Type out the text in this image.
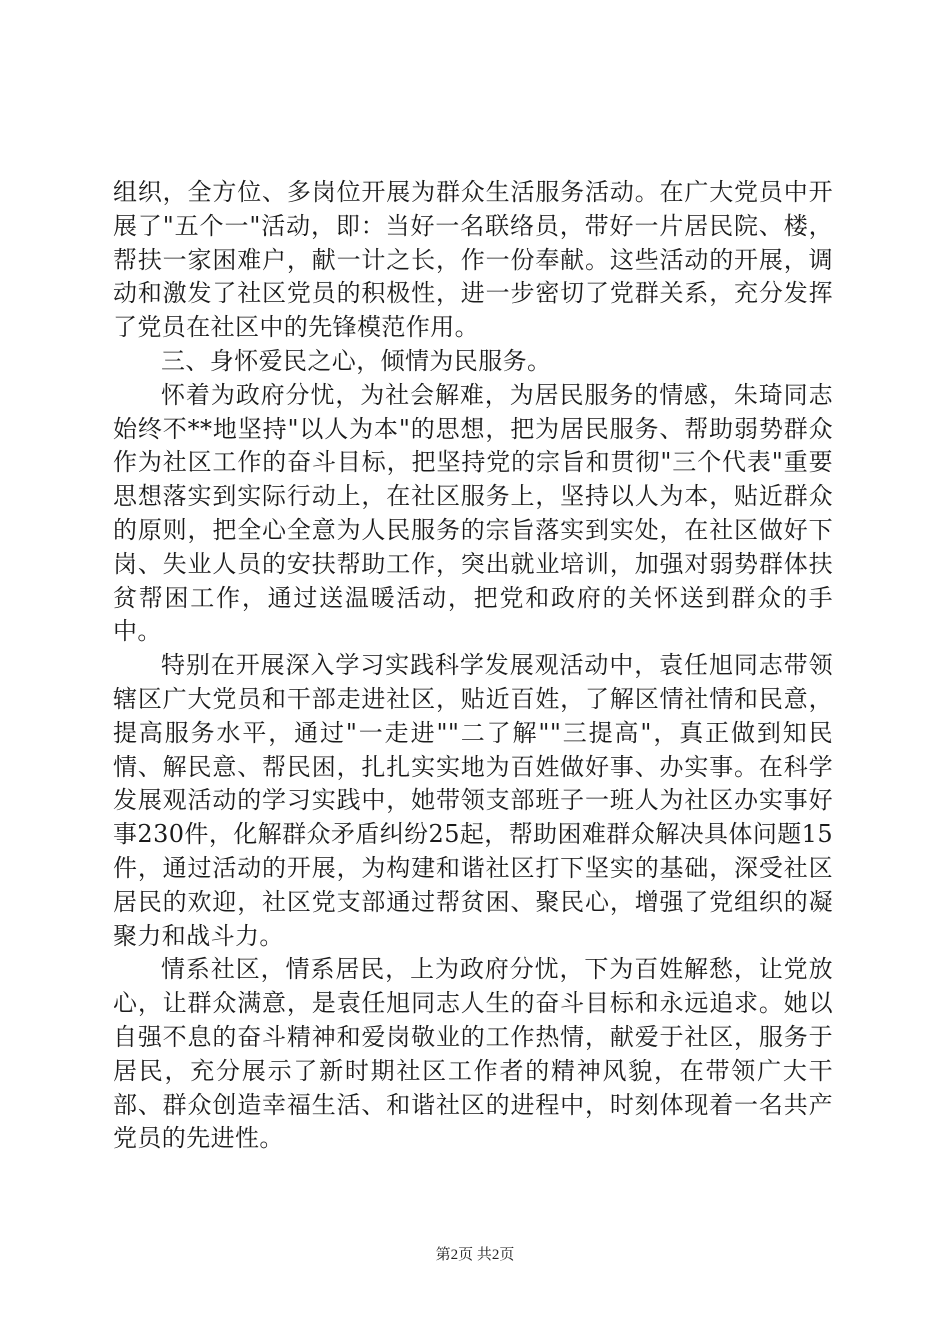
组织，全方位、多岗位开展为群众生活服务活动。在广大党员中开展了"五个一"活动，即：当好一名联络员，带好一片居民院、楼，帮扶一家困难户，献一计之长，作一份奉献。这些活动的开展，调动和激发了社区党员的积极性，进一步密切了党群关系，充分发挥了党员在社区中的先锋模范作用。

三、身怀爱民之心，倾情为民服务。

怀着为政府分忧，为社会解难，为居民服务的情感，朱琦同志始终不**地坚持"以人为本"的思想，把为居民服务、帮助弱势群众作为社区工作的奋斗目标，把坚持党的宗旨和贯彻"三个代表"重要思想落实到实际行动上，在社区服务上，坚持以人为本，贴近群众的原则，把全心全意为人民服务的宗旨落实到实处，在社区做好下岗、失业人员的安扶帮助工作，突出就业培训，加强对弱势群体扶贫帮困工作，通过送温暖活动，把党和政府的关怀送到群众的手中。

特别在开展深入学习实践科学发展观活动中，袁任旭同志带领辖区广大党员和干部走进社区，贴近百姓，了解区情社情和民意，提高服务水平，通过"一走进""二了解""三提高"，真正做到知民情、解民意、帮民困，扎扎实实地为百姓做好事、办实事。在科学发展观活动的学习实践中，她带领支部班子一班人为社区办实事好事230件，化解群众矛盾纠纷25起，帮助困难群众解决具体问题15件，通过活动的开展，为构建和谐社区打下坚实的基础，深受社区居民的欢迎，社区党支部通过帮贫困、聚民心，增强了党组织的凝聚力和战斗力。

情系社区，情系居民，上为政府分忧，下为百姓解愁，让党放心，让群众满意，是袁任旭同志人生的奋斗目标和永远追求。她以自强不息的奋斗精神和爱岗敬业的工作热情，献爱于社区，服务于居民，充分展示了新时期社区工作者的精神风貌，在带领广大干部、群众创造幸福生活、和谐社区的进程中，时刻体现着一名共产党员的先进性。

第2页 共2页
